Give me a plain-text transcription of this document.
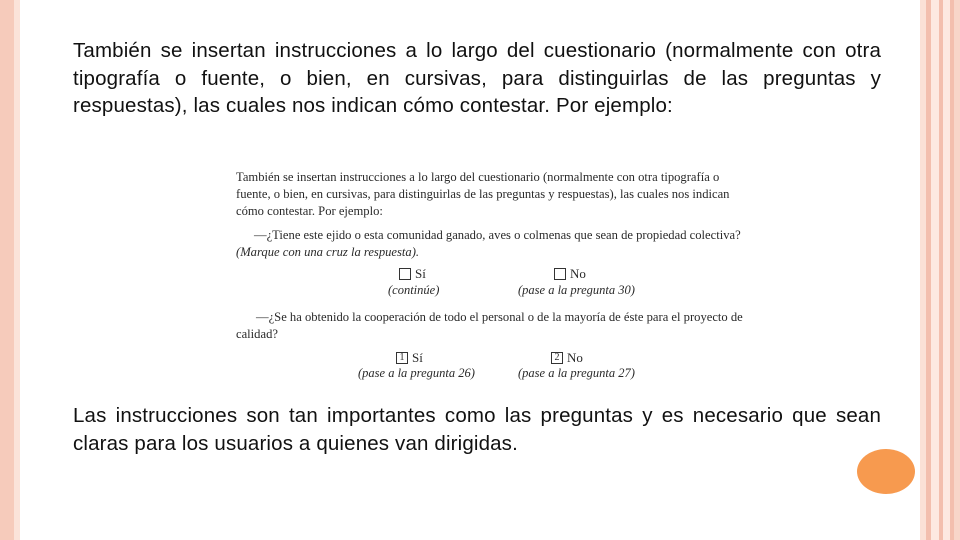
También se insertan instrucciones a lo largo del cuestionario (normalmente con otra tipografía o fuente, o bien, en cursivas, para distinguirlas de las preguntas y respuestas), las cuales nos indican cómo contestar. Por ejemplo:

También se insertan instrucciones a lo largo del cuestionario (normalmente con otra tipografía o
fuente, o bien, en cursivas, para distinguirlas de las preguntas y respuestas), las cuales nos indican
cómo contestar. Por ejemplo:
—¿Tiene este ejido o esta comunidad ganado, aves o colmenas que sean de propiedad colectiva?
(Marque con una cruz la respuesta).
Sí
(continúe)
No
(pase a la pregunta 30)
—¿Se ha obtenido la cooperación de todo el personal o de la mayoría de éste para el proyecto de
calidad?
1 Sí
(pase a la pregunta 26)
2 No
(pase a la pregunta 27)

Las instrucciones son tan importantes como las preguntas y es necesario que sean claras para los usuarios a quienes van dirigidas.
